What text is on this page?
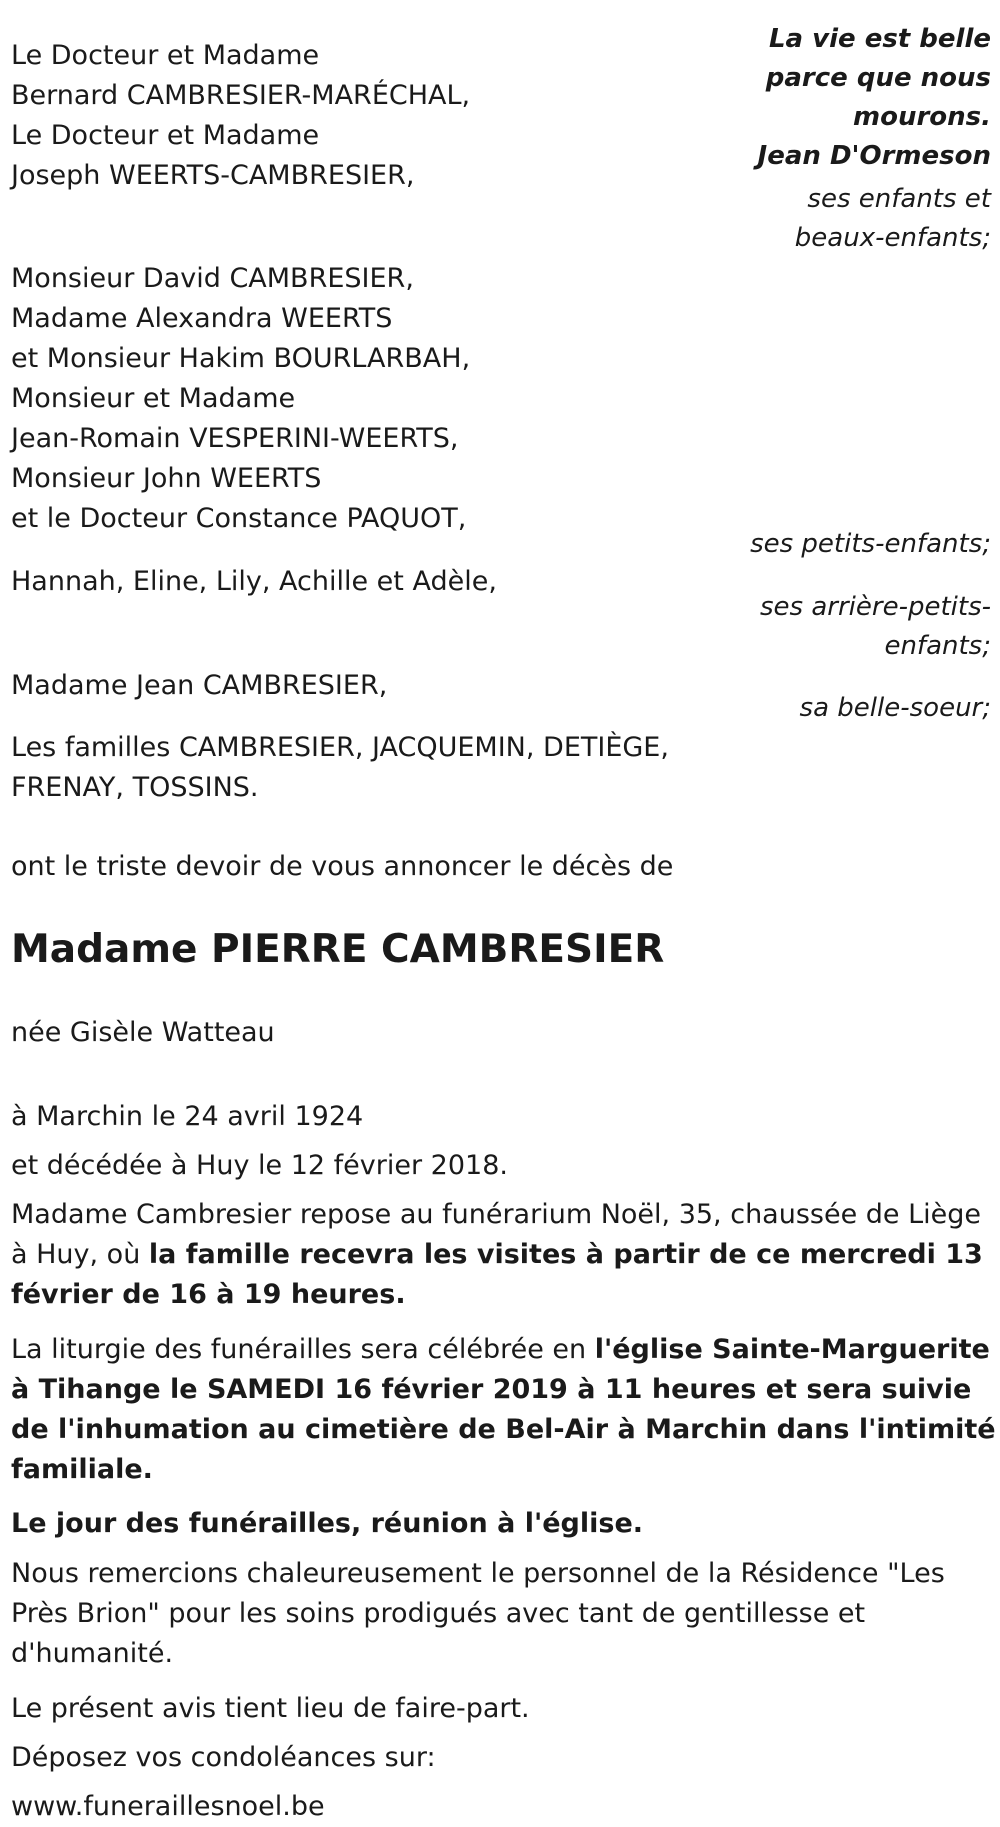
La vie est belle
parce que nous
mourons.
Jean D'Ormeson
Le Docteur et Madame
Bernard CAMBRESIER-MARÉCHAL,
Le Docteur et Madame
Joseph WEERTS-CAMBRESIER,
ses enfants et
beaux-enfants;
Monsieur David CAMBRESIER,
Madame Alexandra WEERTS
et Monsieur Hakim BOURLARBAH,
Monsieur et Madame
Jean-Romain VESPERINI-WEERTS,
Monsieur John WEERTS
et le Docteur Constance PAQUOT,
ses petits-enfants;
Hannah, Eline, Lily, Achille et Adèle,
ses arrière-petits-
enfants;
Madame Jean CAMBRESIER,
sa belle-soeur;
Les familles CAMBRESIER, JACQUEMIN, DETIÈGE,
FRENAY, TOSSINS.
ont le triste devoir de vous annoncer le décès de
Madame PIERRE CAMBRESIER
née Gisèle Watteau
à Marchin le 24 avril 1924
et décédée à Huy le 12 février 2018.
Madame Cambresier repose au funérarium Noël, 35, chaussée de Liège à Huy, où la famille recevra les visites à partir de ce mercredi 13 février de 16 à 19 heures.
La liturgie des funérailles sera célébrée en l'église Sainte-Marguerite à Tihange le SAMEDI 16 février 2019 à 11 heures et sera suivie de l'inhumation au cimetière de Bel-Air à Marchin dans l'intimité familiale.
Le jour des funérailles, réunion à l'église.
Nous remercions chaleureusement le personnel de la Résidence "Les Près Brion" pour les soins prodigués avec tant de gentillesse et d'humanité.
Le présent avis tient lieu de faire-part.
Déposez vos condoléances sur:
www.funeraillesnoel.be
